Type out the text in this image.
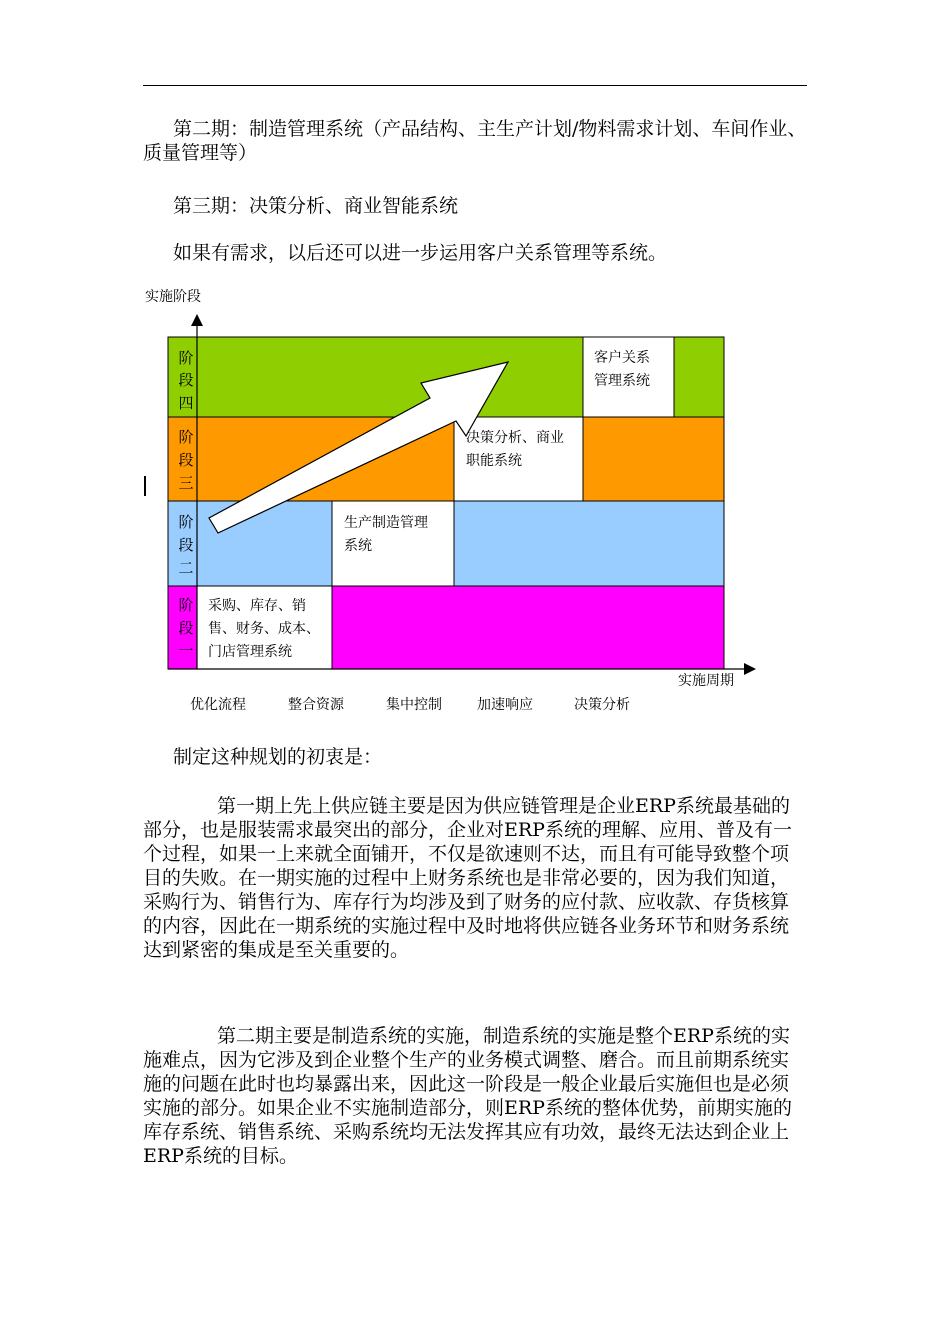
第二期：制造管理系统（产品结构、主生产计划/物料需求计划、车间作业、质量管理等）

第三期：决策分析、商业智能系统

如果有需求，以后还可以进一步运用客户关系管理等系统。

阶
段
四
阶
段
三
阶
段
二
阶
段
一
客户关系
管理系统
决策分析、商业
职能系统
生产制造管理
系统
采购、库存、销
售、财务、成本、
门店管理系统
实施阶段
实施周期
优化流程	整合资源	集中控制	加速响应	决策分析

制定这种规划的初衷是：

第一期上先上供应链主要是因为供应链管理是企业ERP系统最基础的部分，也是服装需求最突出的部分，企业对ERP系统的理解、应用、普及有一个过程，如果一上来就全面铺开，不仅是欲速则不达，而且有可能导致整个项目的失败。在一期实施的过程中上财务系统也是非常必要的，因为我们知道，采购行为、销售行为、库存行为均涉及到了财务的应付款、应收款、存货核算的内容，因此在一期系统的实施过程中及时地将供应链各业务环节和财务系统达到紧密的集成是至关重要的。

第二期主要是制造系统的实施，制造系统的实施是整个ERP系统的实施难点，因为它涉及到企业整个生产的业务模式调整、磨合。而且前期系统实施的问题在此时也均暴露出来，因此这一阶段是一般企业最后实施但也是必须实施的部分。如果企业不实施制造部分，则ERP系统的整体优势，前期实施的库存系统、销售系统、采购系统均无法发挥其应有功效，最终无法达到企业上ERP系统的目标。
